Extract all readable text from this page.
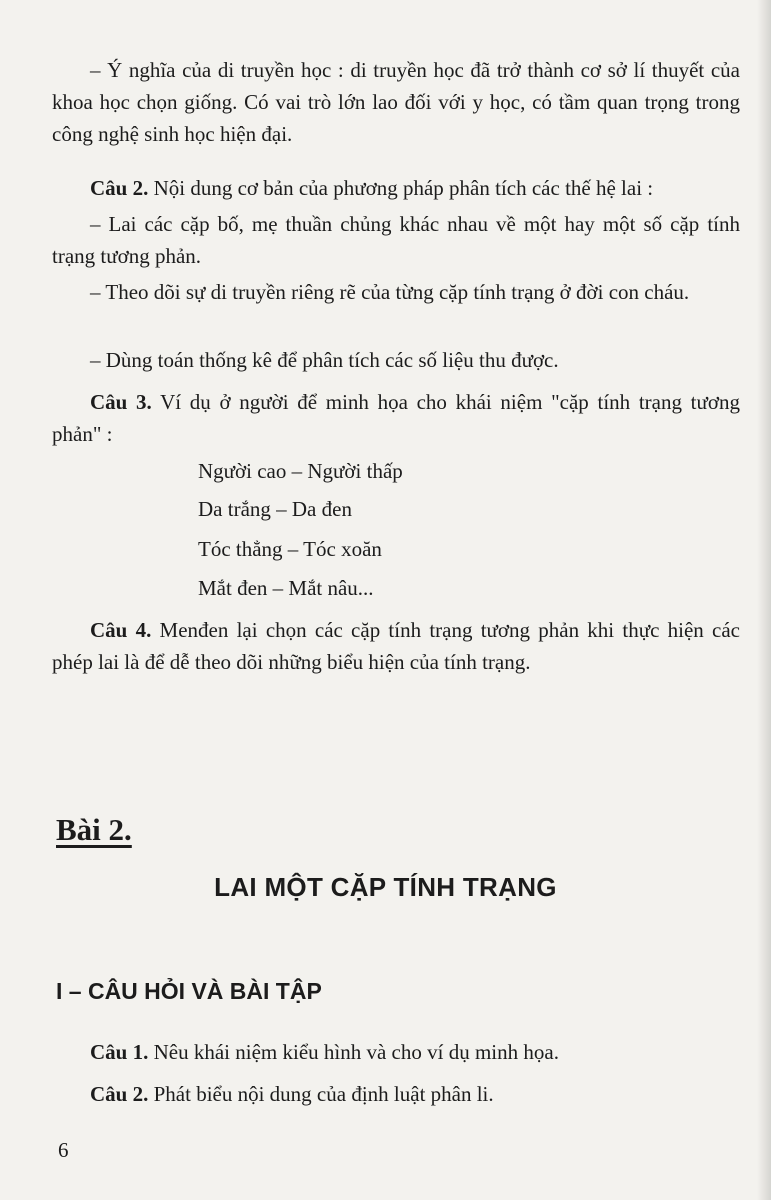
– Ý nghĩa của di truyền học : di truyền học đã trở thành cơ sở lí thuyết của khoa học chọn giống. Có vai trò lớn lao đối với y học, có tầm quan trọng trong công nghệ sinh học hiện đại.

Câu 2. Nội dung cơ bản của phương pháp phân tích các thế hệ lai :

– Lai các cặp bố, mẹ thuần chủng khác nhau về một hay một số cặp tính trạng tương phản.

– Theo dõi sự di truyền riêng rẽ của từng cặp tính trạng ở đời con cháu.

– Dùng toán thống kê để phân tích các số liệu thu được.

Câu 3. Ví dụ ở người để minh họa cho khái niệm "cặp tính trạng tương phản" :

Người cao – Người thấp

Da trắng – Da đen

Tóc thẳng – Tóc xoăn

Mắt đen – Mắt nâu...

Câu 4. Menđen lại chọn các cặp tính trạng tương phản khi thực hiện các phép lai là để dễ theo dõi những biểu hiện của tính trạng.

Bài 2.

LAI MỘT CẶP TÍNH TRẠNG

I – CÂU HỎI VÀ BÀI TẬP

Câu 1. Nêu khái niệm kiểu hình và cho ví dụ minh họa.

Câu 2. Phát biểu nội dung của định luật phân li.

6
